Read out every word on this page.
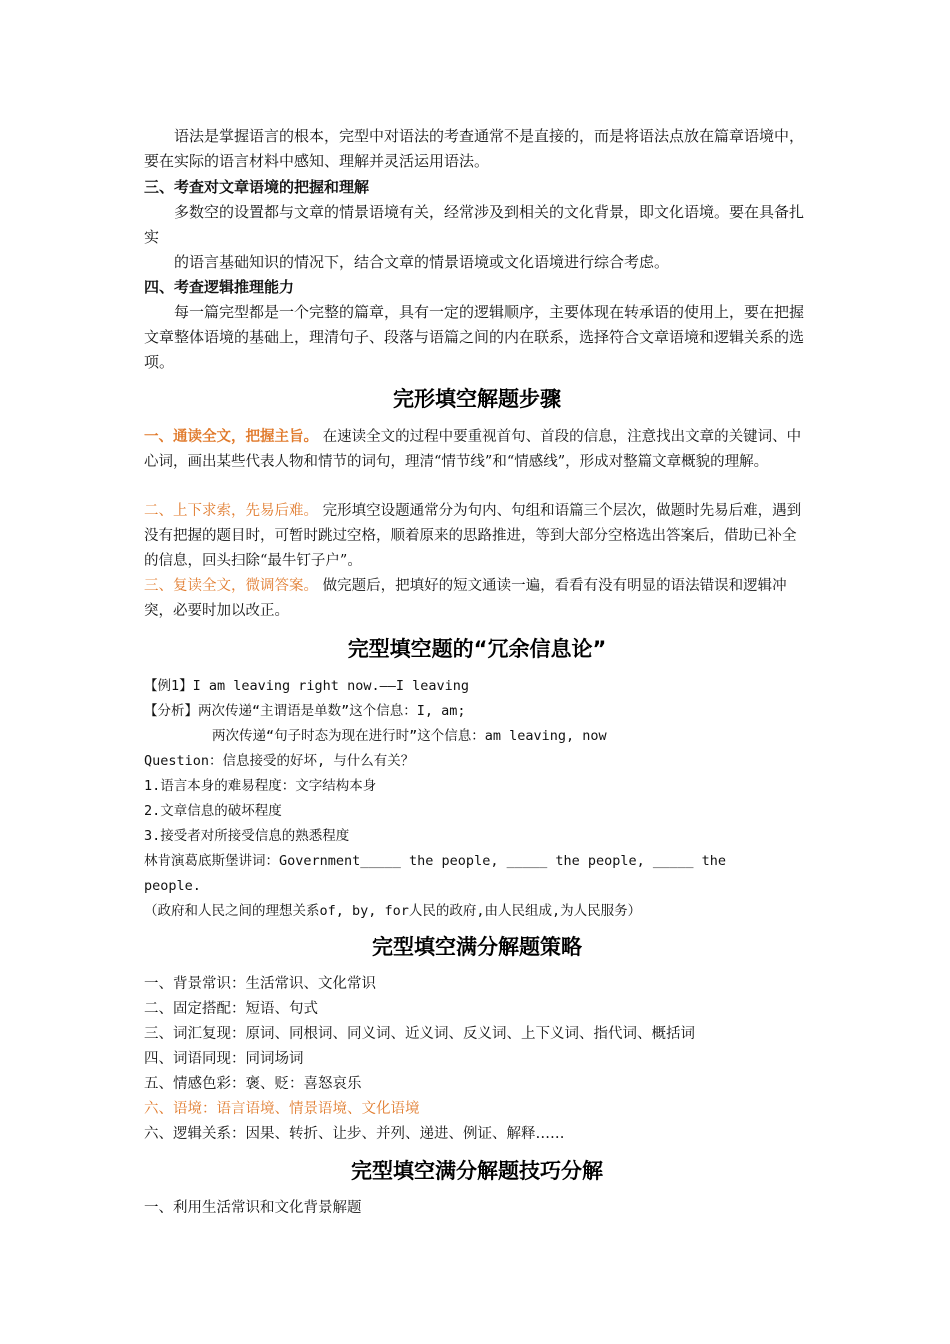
语法是掌握语言的根本，完型中对语法的考查通常不是直接的，而是将语法点放在篇章语境中，要在实际的语言材料中感知、理解并灵活运用语法。

三、考查对文章语境的把握和理解

多数空的设置都与文章的情景语境有关，经常涉及到相关的文化背景，即文化语境。要在具备扎实

的语言基础知识的情况下，结合文章的情景语境或文化语境进行综合考虑。

四、考查逻辑推理能力

每一篇完型都是一个完整的篇章，具有一定的逻辑顺序，主要体现在转承语的使用上，要在把握文章整体语境的基础上，理清句子、段落与语篇之间的内在联系，选择符合文章语境和逻辑关系的选项。

完形填空解题步骤

一、通读全文，把握主旨。 在速读全文的过程中要重视首句、首段的信息，注意找出文章的关键词、中心词，画出某些代表人物和情节的词句，理清“情节线”和“情感线”，形成对整篇文章概貌的理解。

二、上下求索，先易后难。 完形填空设题通常分为句内、句组和语篇三个层次，做题时先易后难，遇到没有把握的题目时，可暂时跳过空格，顺着原来的思路推进，等到大部分空格选出答案后，借助已补全的信息，回头扫除“最牛钉子户”。

三、复读全文，微调答案。 做完题后，把填好的短文通读一遍，看看有没有明显的语法错误和逻辑冲突，必要时加以改正。

完型填空题的“冗余信息论”
【例1】I am leaving right now.——I leaving
【分析】两次传递“主谓语是单数”这个信息：I, am;
两次传递“句子时态为现在进行时”这个信息：am leaving, now
Question：信息接受的好坏, 与什么有关？
1.语言本身的难易程度：文字结构本身
2.文章信息的破坏程度
3.接受者对所接受信息的熟悉程度
林肯演葛底斯堡讲词：Government_____ the people, _____ the people, _____ the
people.
（政府和人民之间的理想关系of, by, for人民的政府,由人民组成,为人民服务）
完型填空满分解题策略
一、背景常识：生活常识、文化常识
二、固定搭配：短语、句式
三、词汇复现：原词、同根词、同义词、近义词、反义词、上下义词、指代词、概括词
四、词语同现：同词场词
五、情感色彩：褒、贬：喜怒哀乐
六、语境：语言语境、情景语境、文化语境
六、逻辑关系：因果、转折、让步、并列、递进、例证、解释……
完型填空满分解题技巧分解

一、利用生活常识和文化背景解题
